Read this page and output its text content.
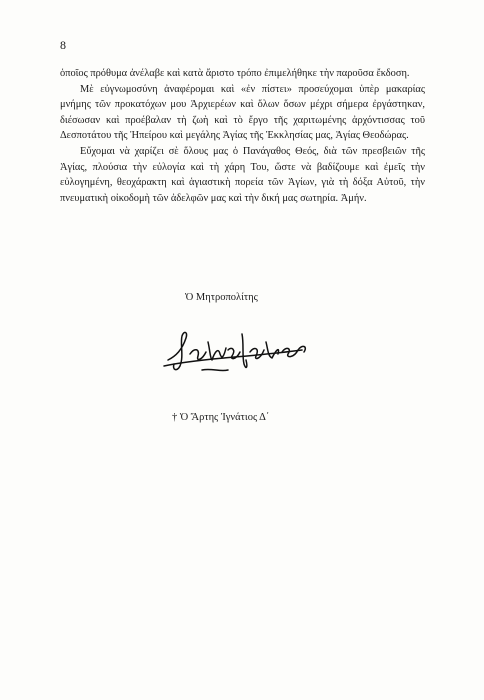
8

ὁποῖος πρόθυμα ἀνέλαβε καὶ κατὰ ἄριστο τρόπο ἐπιμελήθηκε τὴν παροῦσα ἔκδοση.

Μὲ εὐγνωμοσύνη ἀναφέρομαι καὶ «ἐν πίστει» προσεύχομαι ὑπὲρ μακαρίας μνήμης τῶν προκατόχων μου Ἀρχιερέων καὶ ὅλων ὅσων μέχρι σήμερα ἐργάστηκαν, διέσωσαν καὶ προέβαλαν τὴ ζωὴ καὶ τὸ ἔργο τῆς χαριτωμένης ἀρχόντισσας τοῦ Δεσποτάτου τῆς Ἠπείρου καὶ μεγάλης Ἁγίας τῆς Ἐκκλησίας μας, Ἁγίας Θεοδώρας.

Εὔχομαι νὰ χαρίζει σὲ ὅλους μας ὁ Πανάγαθος Θεός, διὰ τῶν πρεσβειῶν τῆς Ἁγίας, πλούσια τὴν εὐλογία καὶ τὴ χάρη Του, ὥστε νὰ βαδίζουμε καὶ ἐμεῖς τὴν εὐλογημένη, θεοχάρακτη καὶ ἁγιαστικὴ πορεία τῶν Ἁγίων, γιὰ τὴ δόξα Αὐτοῦ, τὴν πνευματικὴ οἰκοδομὴ τῶν ἀδελφῶν μας καὶ τὴν δική μας σωτηρία. Ἀμήν.

Ὁ Μητροπολίτης
† Ὁ Ἄρτης Ἰγνάτιος Δ΄
